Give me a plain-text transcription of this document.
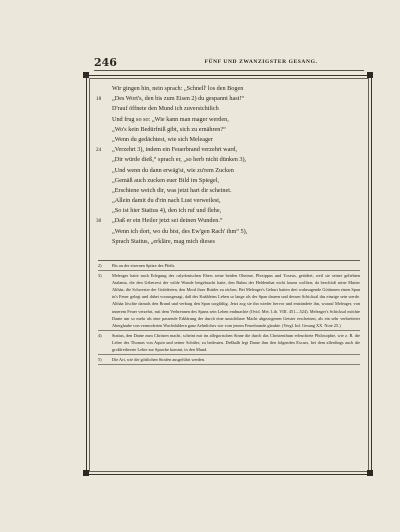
246	FÜNF UND ZWANZIGSTER GESANG.
Wir gingen hin, nein sprach: „Schnell' los den Bogen
18 „Des Wort's, den bis zum Eisen 2) du gespannt hast!“
D'rauf öffnete den Mund ich zuversichtlich
Und frug so so: „Wie kann man mager werden,
„Wo's kein Bedürfniß gibt, sich zu ernähren?“
„Wenn du gedächtest, wie sich Meleager
24 „Verzehrt 3), indem ein Feuerbrand verzehrt ward,
„Dir würde dieß,“ sprach er, „so herb nicht dünken 3),
„Und wenn du dann erwäg'st, wie zu'rem Zucken
„Gemäß auch zucken euer Bild im Spiegel,
„Erschiene weich dir, was jetzt hart dir scheinet.
„Allein damit du d'rin nach Lust verweilest,
„So ist hier Statius 4), den ich ruf und flehe,
30 „Daß er ein Heiler jetzt sei deinen Wunden.“
„Wenn ich dort, wo du bist, des Ew'gen Rach' ihm“ 5),
Sprach Statius, „erkläre, mag mich dieses
2) Bis an der eisernen Spitze des Pfeils.

3) Meleager hatte nach Erlegung des calydonischen Ebers seine beiden Oheime, Plexippus und Toxeus, getödtet, weil sie seiner geliebten Atalanta, die den Ueberrest der wilde Wunde beigebracht hatte, den Ruhm der Heldenthat nicht lassen wollten; da beschloß seine Mutter Althäa, die Schwester der Getödteten, den Mord ihrer Brüder zu rächen. Bei Meleager's Geburt hatten drei wahrsagende Göttinnen einen Span in's Feuer gelegt und dabei vorausgesagt, daß des Knäbleins Leben so lange als der Span dauern und dessen Schicksal das einzige sein werde. Althäa löschte damals den Brand und verbarg den Span sorgfältig. Jetzt zog sie ihn wieder hervor und entzündete ihn, worauf Meleager, von innerem Feuer verzehrt, mit dem Verbrennen des Spans sein Leben endmachte (Ovid. Met. Lib. VIII. 451—524). Meleager's Schicksal möchte Dante um so mehr als eine passende Erklärung der durch eine unsichtbare Macht abgezogenen Geister erscheinen, als ein sehr verbreiteter Aberglaube von vermoderten Wachsbildern ganz Aehnliches wie vom jenem Feuerbrande glaubte. (Vergl. Inf. Gesang XX. Note 25.)

4) Statius, den Dante zum Christen macht, scheint mir im allegorischen Sinne die durch das Christenthum erleuchtete Philosophie, wie z. B. die Lehre des Thomas von Aquin und seiner Schüler, zu bedeuten. Deßhalb legt Dante ihm den folgenden Excurs, bei dem allerdings auch die großfreiherzte Lehre zur Sprache kommt, in den Mund.

5) Die Art, wie die göttlichen Strafen ausgeführt werden.
